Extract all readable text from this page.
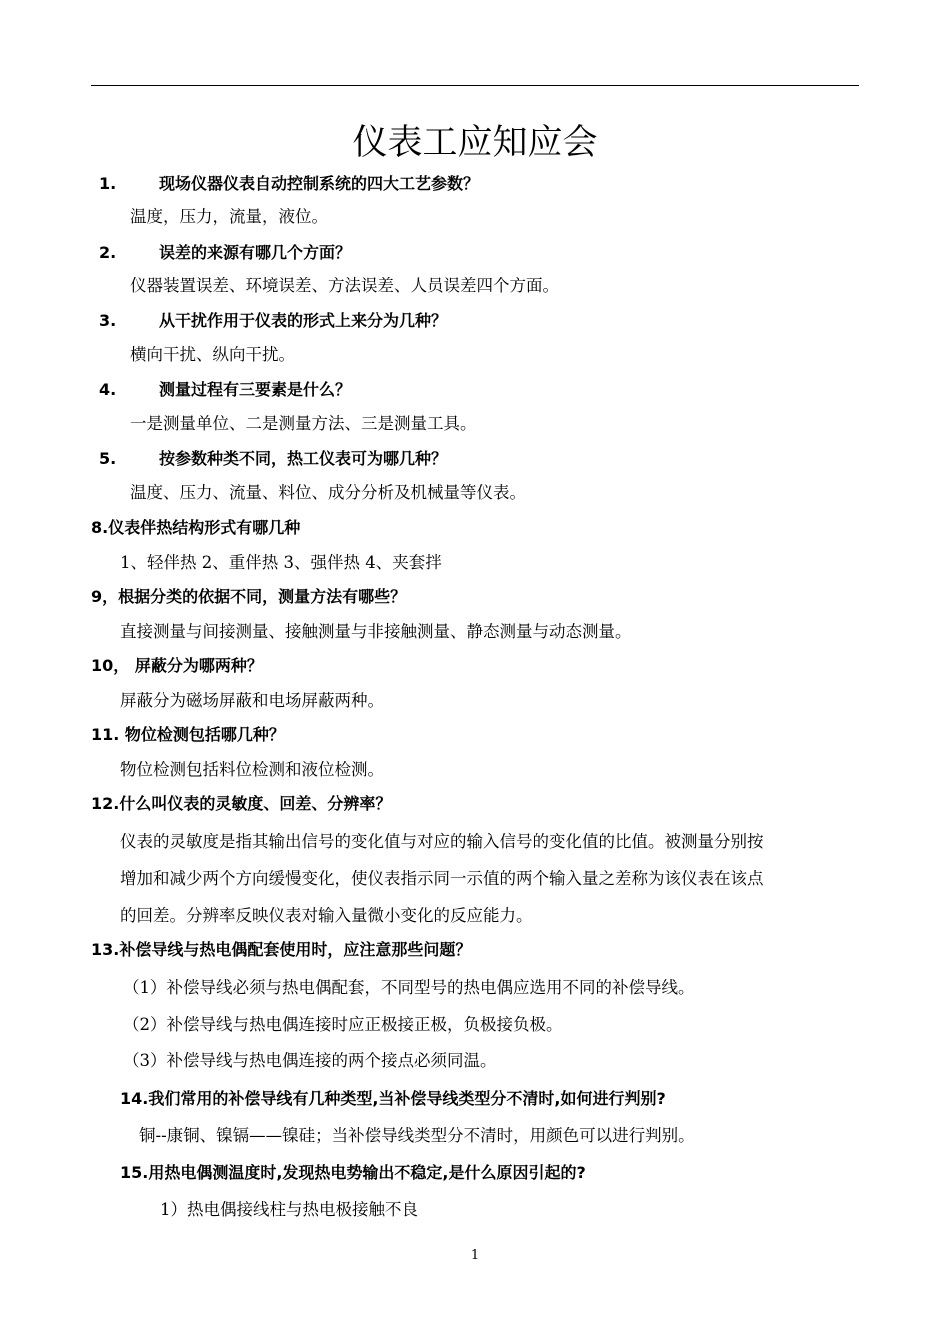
仪表工应知应会
1.	现场仪器仪表自动控制系统的四大工艺参数？
温度，压力，流量，液位。
2.	误差的来源有哪几个方面？
仪器装置误差、环境误差、方法误差、人员误差四个方面。
3.	从干扰作用于仪表的形式上来分为几种？
横向干扰、纵向干扰。
4.	测量过程有三要素是什么？
一是测量单位、二是测量方法、三是测量工具。
5.	按参数种类不同，热工仪表可为哪几种？
温度、压力、流量、料位、成分分析及机械量等仪表。
8.仪表伴热结构形式有哪几种
1、轻伴热 2、重伴热 3、强伴热 4、夹套拌
9，根据分类的依据不同，测量方法有哪些？
直接测量与间接测量、接触测量与非接触测量、静态测量与动态测量。
10， 屏蔽分为哪两种？
屏蔽分为磁场屏蔽和电场屏蔽两种。
11. 物位检测包括哪几种？
物位检测包括料位检测和液位检测。
12.什么叫仪表的灵敏度、回差、分辨率？
仪表的灵敏度是指其输出信号的变化值与对应的输入信号的变化值的比值。被测量分别按
增加和减少两个方向缓慢变化，使仪表指示同一示值的两个输入量之差称为该仪表在该点
的回差。分辨率反映仪表对输入量微小变化的反应能力。
13.补偿导线与热电偶配套使用时，应注意那些问题？
（1）补偿导线必须与热电偶配套，不同型号的热电偶应选用不同的补偿导线。
（2）补偿导线与热电偶连接时应正极接正极，负极接负极。
（3）补偿导线与热电偶连接的两个接点必须同温。
14.我们常用的补偿导线有几种类型,当补偿导线类型分不清时,如何进行判别?
铜--康铜、镍镉——镍硅；当补偿导线类型分不清时，用颜色可以进行判别。
15.用热电偶测温度时,发现热电势输出不稳定,是什么原因引起的?
1）热电偶接线柱与热电极接触不良
1
